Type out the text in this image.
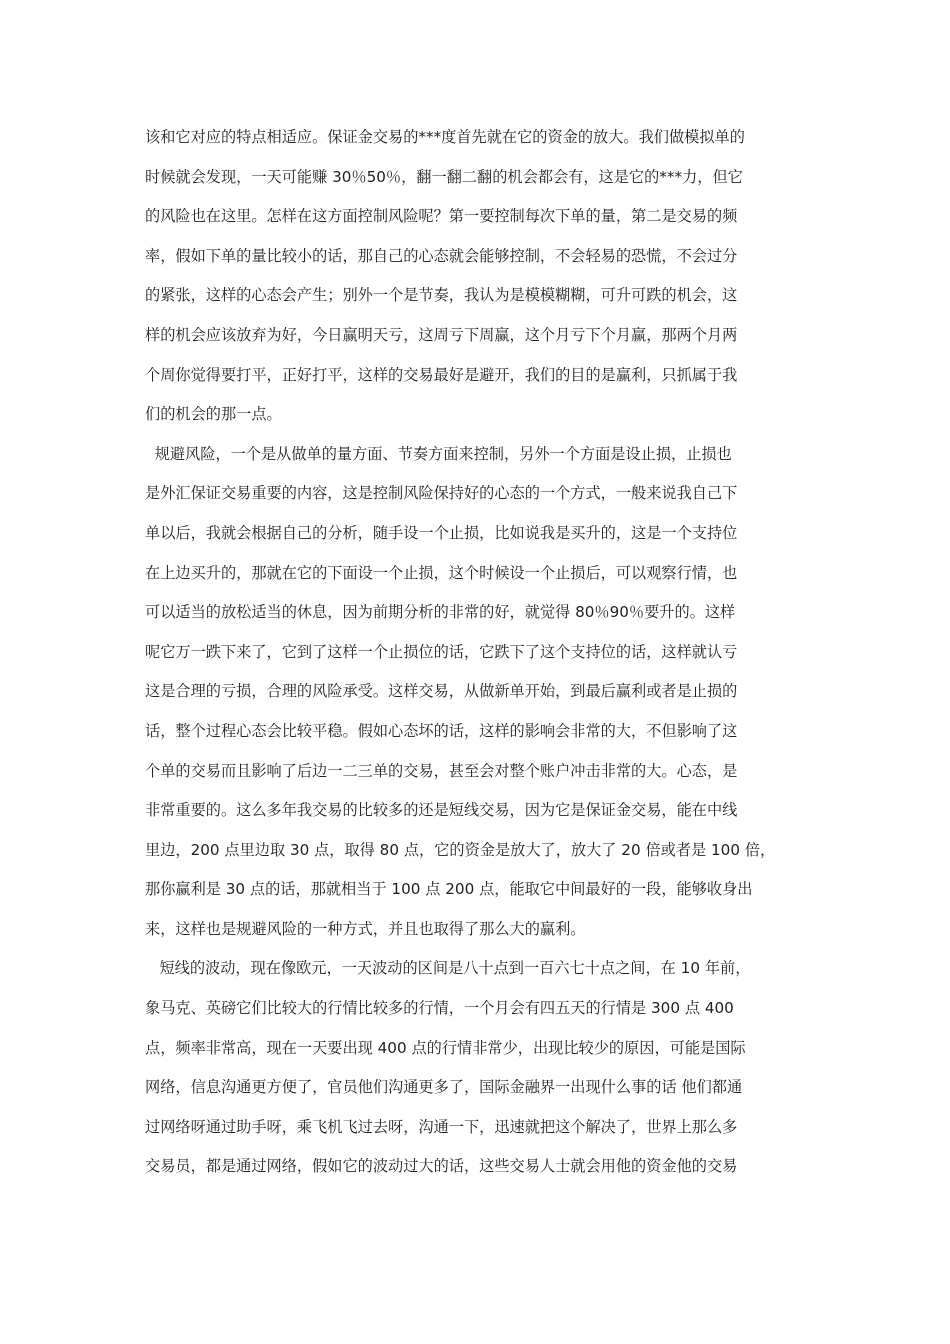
该和它对应的特点相适应。保证金交易的***度首先就在它的资金的放大。我们做模拟单的
时候就会发现，一天可能赚 30％50％，翻一翻二翻的机会都会有，这是它的***力，但它
的风险也在这里。怎样在这方面控制风险呢？第一要控制每次下单的量，第二是交易的频
率，假如下单的量比较小的话，那自己的心态就会能够控制，不会轻易的恐慌，不会过分
的紧张，这样的心态会产生；别外一个是节奏，我认为是模模糊糊，可升可跌的机会，这
样的机会应该放弃为好，今日赢明天亏，这周亏下周赢，这个月亏下个月赢，那两个月两
个周你觉得要打平，正好打平，这样的交易最好是避开，我们的目的是赢利，只抓属于我
们的机会的那一点。

规避风险，一个是从做单的量方面、节奏方面来控制，另外一个方面是设止损，止损也
是外汇保证交易重要的内容，这是控制风险保持好的心态的一个方式，一般来说我自己下
单以后，我就会根据自己的分析，随手设一个止损，比如说我是买升的，这是一个支持位
在上边买升的，那就在它的下面设一个止损，这个时候设一个止损后，可以观察行情，也
可以适当的放松适当的休息，因为前期分析的非常的好，就觉得 80％90％要升的。这样
呢它万一跌下来了，它到了这样一个止损位的话，它跌下了这个支持位的话，这样就认亏
这是合理的亏损，合理的风险承受。这样交易，从做新单开始，到最后赢利或者是止损的
话，整个过程心态会比较平稳。假如心态坏的话，这样的影响会非常的大，不但影响了这
个单的交易而且影响了后边一二三单的交易，甚至会对整个账户冲击非常的大。心态，是
非常重要的。这么多年我交易的比较多的还是短线交易，因为它是保证金交易，能在中线
里边，200 点里边取 30 点，取得 80 点，它的资金是放大了，放大了 20 倍或者是 100 倍，
那你赢利是 30 点的话，那就相当于 100 点 200 点，能取它中间最好的一段，能够收身出
来，这样也是规避风险的一种方式，并且也取得了那么大的赢利。

短线的波动，现在像欧元，一天波动的区间是八十点到一百六七十点之间，在 10 年前，
象马克、英磅它们比较大的行情比较多的行情，一个月会有四五天的行情是 300 点 400
点，频率非常高，现在一天要出现 400 点的行情非常少，出现比较少的原因，可能是国际
网络，信息沟通更方便了，官员他们沟通更多了，国际金融界一出现什么事的话 他们都通
过网络呀通过助手呀，乘飞机飞过去呀，沟通一下，迅速就把这个解决了，世界上那么多
交易员，都是通过网络，假如它的波动过大的话，这些交易人士就会用他的资金他的交易
